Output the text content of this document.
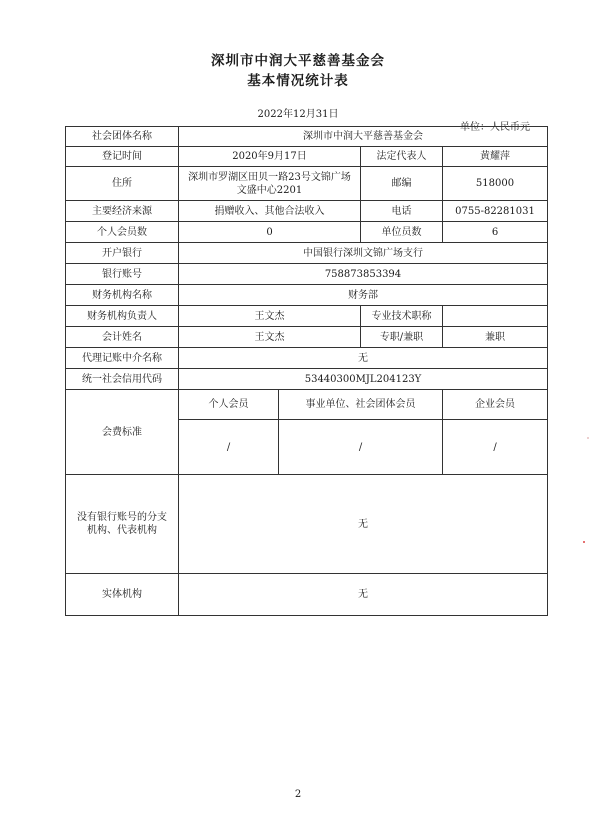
深圳市中润大平慈善基金会
基本情况统计表
2022年12月31日
单位：人民币元
社会团体名称	深圳市中润大平慈善基金会			
登记时间	2020年9月17日		法定代表人	黄耀萍
住所	深圳市罗湖区田贝一路23号文锦广场
文盛中心2201		邮编	518000
主要经济来源	捐赠收入、其他合法收入		电话	0755-82281031
个人会员数	0		单位员数	6
开户银行	中国银行深圳文锦广场支行			
银行账号	758873853394			
财务机构名称	财务部			
财务机构负责人	王文杰		专业技术职称	
会计姓名	王文杰		专职/兼职	兼职
代理记账中介名称	无			
统一社会信用代码	53440300MJL204123Y			
会费标准	个人会员	事业单位、社会团体会员		企业会员
	/	/		/

没有银行账号的分支
机构、代表机构	无			
实体机构	无			
2
